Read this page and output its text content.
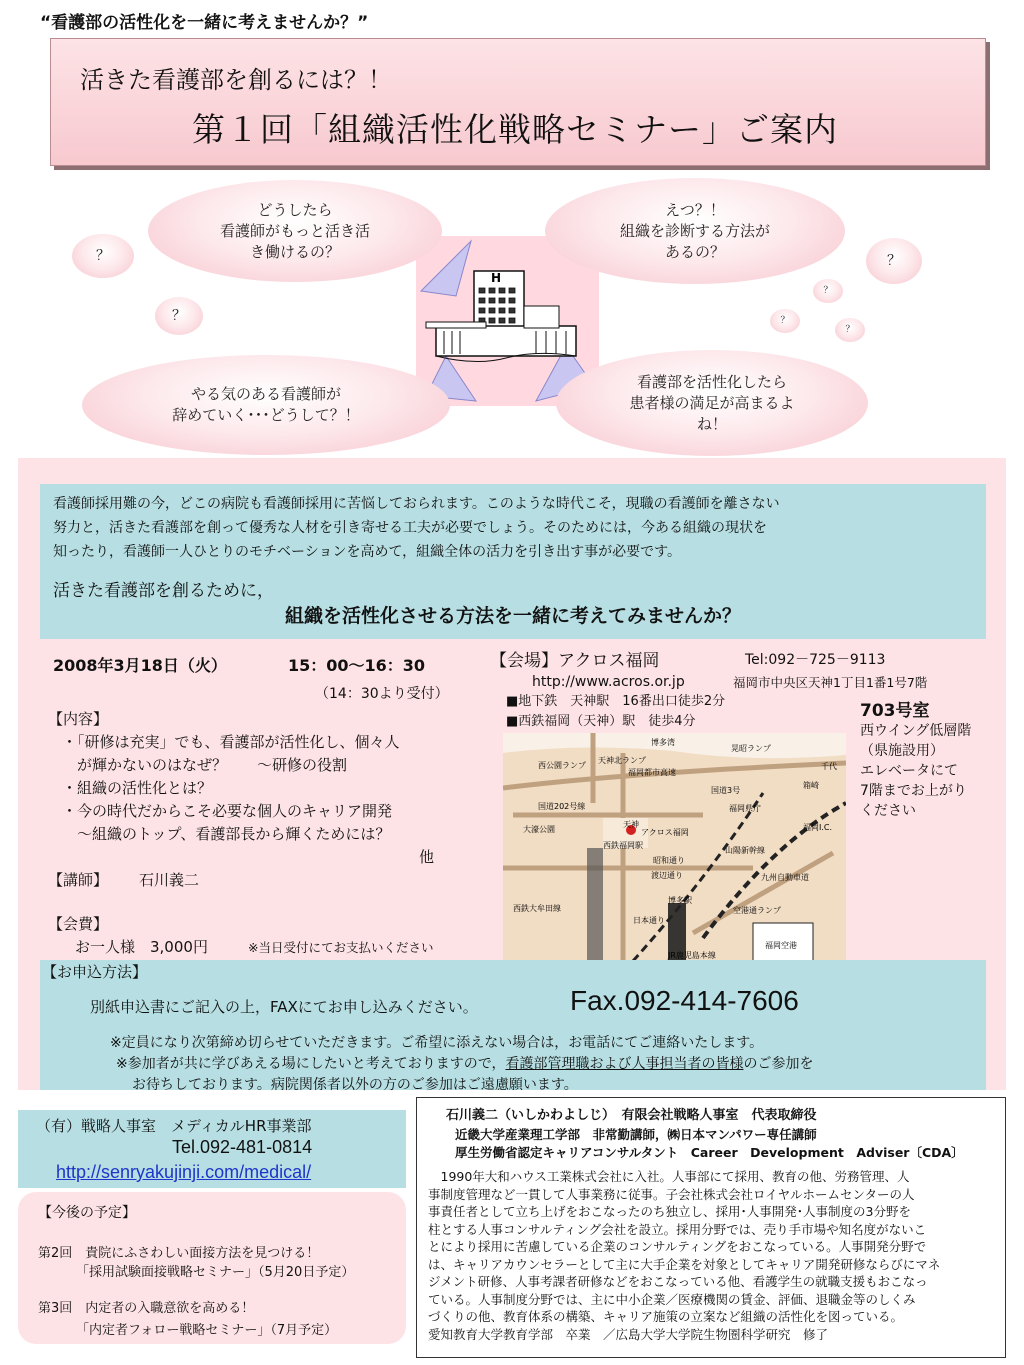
“看護部の活性化を一緒に考えませんか？”
活きた看護部を創るには？！
第１回「組織活性化戦略セミナー」ご案内
H
どうしたら
看護師がもっと活き活
き働けるの？
えつ？！
組織を診断する方法が
あるの？
やる気のある看護師が
辞めていく･･･どうして？！
看護部を活性化したら
患者様の満足が高まるよ
ね！
？
？
？
？
？
？
看護師採用難の今，どこの病院も看護師採用に苦悩しておられます。このような時代こそ，現職の看護師を離さない
努力と，活きた看護部を創って優秀な人材を引き寄せる工夫が必要でしょう。そのためには，今ある組織の現状を
知ったり，看護師一人ひとりのモチベーションを高めて，組織全体の活力を引き出す事が必要です。
活きた看護部を創るために，
組織を活性化させる方法を一緒に考えてみませんか？
2008年3月18日（火）	15：00〜16：30
（14：30より受付）
【内容】
・「研修は充実」でも、看護部が活性化し、個々人
　が輝かないのはなぜ？　　～研修の役割
・組織の活性化とは？
・今の時代だからこそ必要な個人のキャリア開発
　～組織のトップ、看護部長から輝くためには？
他
【講師】 石川義二
【会費】
お一人様　3,000円	※当日受付にてお支払いください
【会場】アクロス福岡	Tel:092－725－9113
http://www.acros.or.jp	福岡市中央区天神1丁目1番1号7階
■地下鉄　天神駅　16番出口徒歩2分
■西鉄福岡（天神）駅　徒歩4分
703号室
西ウイング低層階
（県施設用）
エレベータにて
7階までお上がり
ください
博多湾
福岡都市高速
晃昭ランプ
西公園ランプ
天神北ランプ
千代
国道202号線
天神
大濠公園	アクロス福岡
西鉄福岡駅
福岡県庁
箱崎
国道3号
福岡I.C.
九州自動車道
博多駅
空港通ランプ
西鉄大牟田線
JR鹿児島本線
福岡空港
山陽新幹線
渡辺通り
日本通り
昭和通り
【お申込方法】
別紙申込書にご記入の上，FAXにてお申し込みください。	Fax.092-414-7606
※定員になり次第締め切らせていただきます。ご希望に添えない場合は，お電話にてご連絡いたします。
※参加者が共に学びあえる場にしたいと考えておりますので，看護部管理職および人事担当者の皆様のご参加を
お待ちしております。病院関係者以外の方のご参加はご遠慮願います。
（有）戦略人事室　メディカルHR事業部
Tel.092-481-0814
http://senryakujinji.com/medical/
【今後の予定】
第2回　貴院にふさわしい面接方法を見つける！
「採用試験面接戦略セミナー」（5月20日予定）
第3回　内定者の入職意欲を高める！
「内定者フォロー戦略セミナー」（7月予定）
石川義二（いしかわよしじ）　有限会社戦略人事室　代表取締役
近畿大学産業理工学部　非常勤講師，㈱日本マンパワー専任講師
厚生労働省認定キャリアコンサルタント　Career　Development　Adviser〔CDA〕
　1990年大和ハウス工業株式会社に入社。人事部にて採用、教育の他、労務管理、人
事制度管理など一貫して人事業務に従事。子会社株式会社ロイヤルホームセンターの人
事責任者として立ち上げをおこなったのち独立し、採用･人事開発･人事制度の3分野を
柱とする人事コンサルティング会社を設立。採用分野では、売り手市場や知名度がないこ
とにより採用に苦慮している企業のコンサルティングをおこなっている。人事開発分野で
は、キャリアカウンセラーとして主に大手企業を対象としてキャリア開発研修ならびにマネ
ジメント研修、人事考課者研修などをおこなっている他、看護学生の就職支援もおこなっ
ている。人事制度分野では、主に中小企業／医療機関の賃金、評価、退職金等のしくみ
づくりの他、教育体系の構築、キャリア施策の立案など組織の活性化を図っている。
愛知教育大学教育学部　卒業　／広島大学大学院生物圏科学研究　修了
